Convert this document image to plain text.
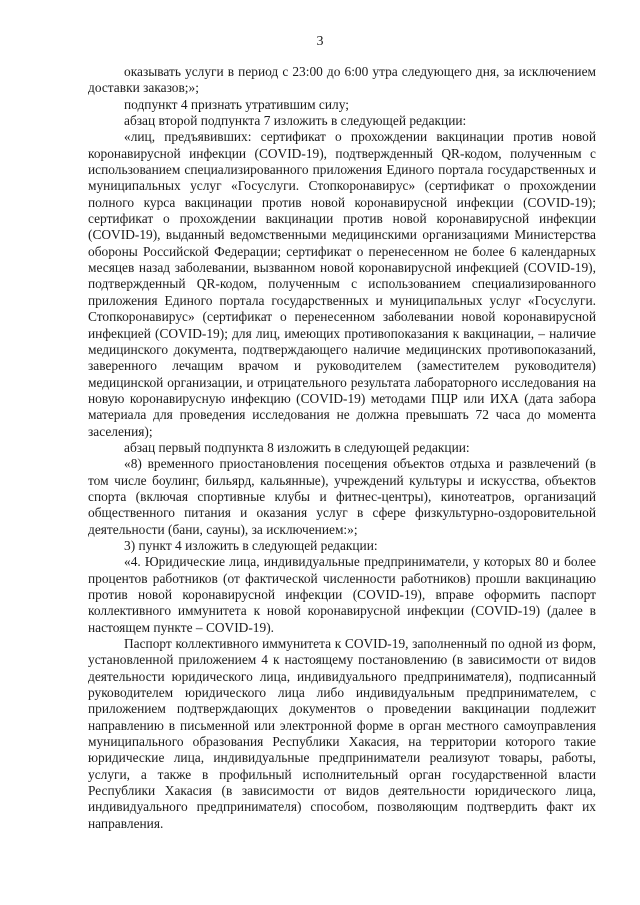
3

оказывать услуги в период с 23:00 до 6:00 утра следующего дня, за исключением доставки заказов;»;

подпункт 4 признать утратившим силу;

абзац второй подпункта 7 изложить в следующей редакции:

«лиц, предъявивших: сертификат о прохождении вакцинации против новой коронавирусной инфекции (COVID-19), подтвержденный QR-кодом, полученным с использованием специализированного приложения Единого портала государственных и муниципальных услуг «Госуслуги. Стопкоронавирус» (сертификат о прохождении полного курса вакцинации против новой коронавирусной инфекции (COVID-19); сертификат о прохождении вакцинации против новой коронавирусной инфекции (COVID-19), выданный ведомственными медицинскими организациями Министерства обороны Российской Федерации; сертификат о перенесенном не более 6 календарных месяцев назад заболевании, вызванном новой коронавирусной инфекцией (COVID-19), подтвержденный QR-кодом, полученным с использованием специализированного приложения Единого портала государственных и муниципальных услуг «Госуслуги. Стопкоронавирус» (сертификат о перенесенном заболевании новой коронавирусной инфекцией (COVID-19); для лиц, имеющих противопоказания к вакцинации, – наличие медицинского документа, подтверждающего наличие медицинских противопоказаний, заверенного лечащим врачом и руководителем (заместителем руководителя) медицинской организации, и отрицательного результата лабораторного исследования на новую коронавирусную инфекцию (COVID-19) методами ПЦР или ИХА (дата забора материала для проведения исследования не должна превышать 72 часа до момента заселения);

абзац первый подпункта 8 изложить в следующей редакции:

«8) временного приостановления посещения объектов отдыха и развлечений (в том числе боулинг, бильярд, кальянные), учреждений культуры и искусства, объектов спорта (включая спортивные клубы и фитнес-центры), кинотеатров, организаций общественного питания и оказания услуг в сфере физкультурно-оздоровительной деятельности (бани, сауны), за исключением:»;

3) пункт 4 изложить в следующей редакции:

«4. Юридические лица, индивидуальные предприниматели, у которых 80 и более процентов работников (от фактической численности работников) прошли вакцинацию против новой коронавирусной инфекции (COVID-19), вправе оформить паспорт коллективного иммунитета к новой коронавирусной инфекции (COVID-19) (далее в настоящем пункте – COVID-19).

Паспорт коллективного иммунитета к COVID-19, заполненный по одной из форм, установленной приложением 4 к настоящему постановлению (в зависимости от видов деятельности юридического лица, индивидуального предпринимателя), подписанный руководителем юридического лица либо индивидуальным предпринимателем, с приложением подтверждающих документов о проведении вакцинации подлежит направлению в письменной или электронной форме в орган местного самоуправления муниципального образования Республики Хакасия, на территории которого такие юридические лица, индивидуальные предприниматели реализуют товары, работы, услуги, а также в профильный исполнительный орган государственной власти Республики Хакасия (в зависимости от видов деятельности юридического лица, индивидуального предпринимателя) способом, позволяющим подтвердить факт их направления.
